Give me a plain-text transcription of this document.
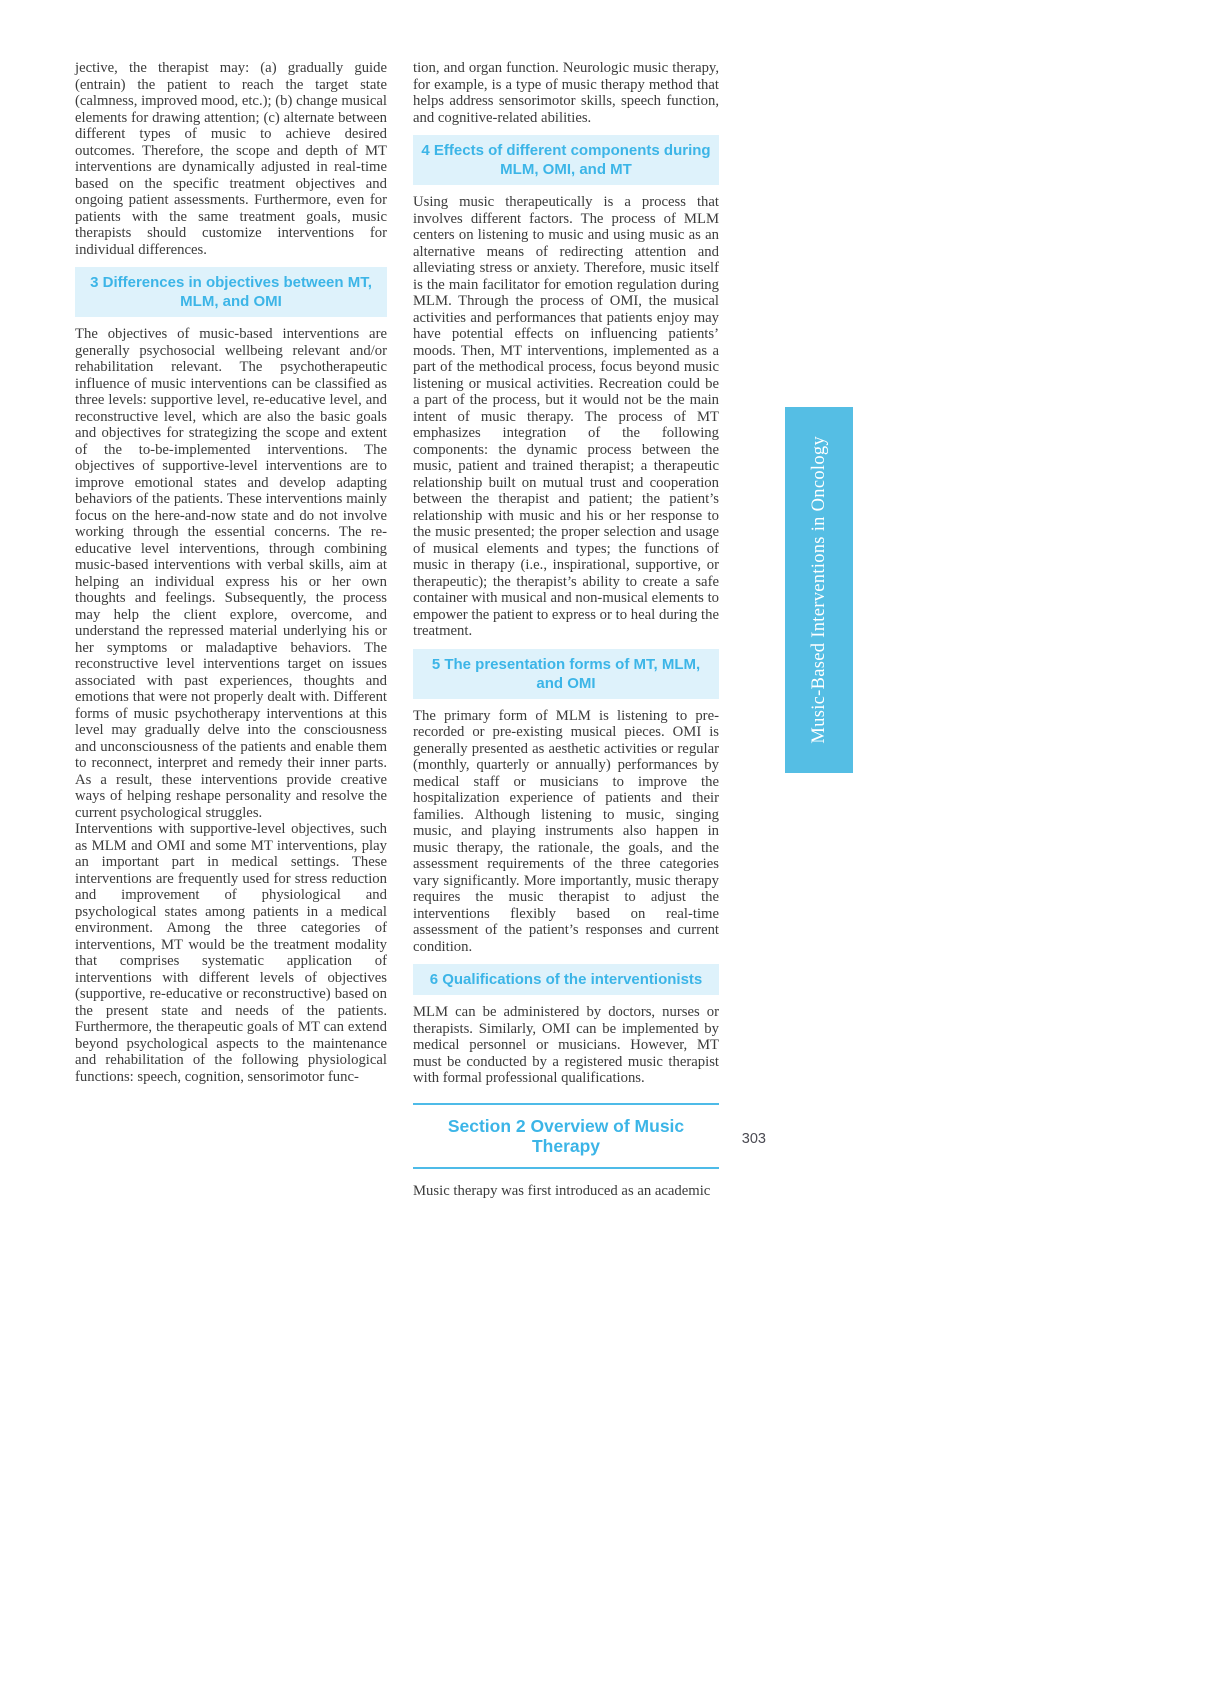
jective, the therapist may: (a) gradually guide (entrain) the patient to reach the target state (calmness, improved mood, etc.); (b) change musical elements for drawing attention; (c) alternate between different types of music to achieve desired outcomes. Therefore, the scope and depth of MT interventions are dynamically adjusted in real-time based on the specific treatment objectives and ongoing patient assessments. Furthermore, even for patients with the same treatment goals, music therapists should customize interventions for individual differences.

3 Differences in objectives between MT, MLM, and OMI

The objectives of music-based interventions are generally psychosocial wellbeing relevant and/or rehabilitation relevant. The psychotherapeutic influence of music interventions can be classified as three levels: supportive level, re-educative level, and reconstructive level, which are also the basic goals and objectives for strategizing the scope and extent of the to-be-implemented interventions. The objectives of supportive-level interventions are to improve emotional states and develop adapting behaviors of the patients. These interventions mainly focus on the here-and-now state and do not involve working through the essential concerns. The re-educative level interventions, through combining music-based interventions with verbal skills, aim at helping an individual express his or her own thoughts and feelings. Subsequently, the process may help the client explore, overcome, and understand the repressed material underlying his or her symptoms or maladaptive behaviors. The reconstructive level interventions target on issues associated with past experiences, thoughts and emotions that were not properly dealt with. Different forms of music psychotherapy interventions at this level may gradually delve into the consciousness and unconsciousness of the patients and enable them to reconnect, interpret and remedy their inner parts. As a result, these interventions provide creative ways of helping reshape personality and resolve the current psychological struggles.

Interventions with supportive-level objectives, such as MLM and OMI and some MT interventions, play an important part in medical settings. These interventions are frequently used for stress reduction and improvement of physiological and psychological states among patients in a medical environment. Among the three categories of interventions, MT would be the treatment modality that comprises systematic application of interventions with different levels of objectives (supportive, re-educative or reconstructive) based on the present state and needs of the patients. Furthermore, the therapeutic goals of MT can extend beyond psychological aspects to the maintenance and rehabilitation of the following physiological functions: speech, cognition, sensorimotor func-

tion, and organ function. Neurologic music therapy, for example, is a type of music therapy method that helps address sensorimotor skills, speech function, and cognitive-related abilities.

4 Effects of different components during MLM, OMI, and MT

Using music therapeutically is a process that involves different factors. The process of MLM centers on listening to music and using music as an alternative means of redirecting attention and alleviating stress or anxiety. Therefore, music itself is the main facilitator for emotion regulation during MLM. Through the process of OMI, the musical activities and performances that patients enjoy may have potential effects on influencing patients’ moods. Then, MT interventions, implemented as a part of the methodical process, focus beyond music listening or musical activities. Recreation could be a part of the process, but it would not be the main intent of music therapy. The process of MT emphasizes integration of the following components: the dynamic process between the music, patient and trained therapist; a therapeutic relationship built on mutual trust and cooperation between the therapist and patient; the patient’s relationship with music and his or her response to the music presented; the proper selection and usage of musical elements and types; the functions of music in therapy (i.e., inspirational, supportive, or therapeutic); the therapist’s ability to create a safe container with musical and non-musical elements to empower the patient to express or to heal during the treatment.

5 The presentation forms of MT, MLM, and OMI

The primary form of MLM is listening to pre-recorded or pre-existing musical pieces. OMI is generally presented as aesthetic activities or regular (monthly, quarterly or annually) performances by medical staff or musicians to improve the hospitalization experience of patients and their families. Although listening to music, singing music, and playing instruments also happen in music therapy, the rationale, the goals, and the assessment requirements of the three categories vary significantly. More importantly, music therapy requires the music therapist to adjust the interventions flexibly based on real-time assessment of the patient’s responses and current condition.

6 Qualifications of the interventionists

MLM can be administered by doctors, nurses or therapists. Similarly, OMI can be implemented by medical personnel or musicians. However, MT must be conducted by a registered music therapist with formal professional qualifications.

Section 2 Overview of Music Therapy

Music therapy was first introduced as an academic

Music-Based Interventions in Oncology
303
